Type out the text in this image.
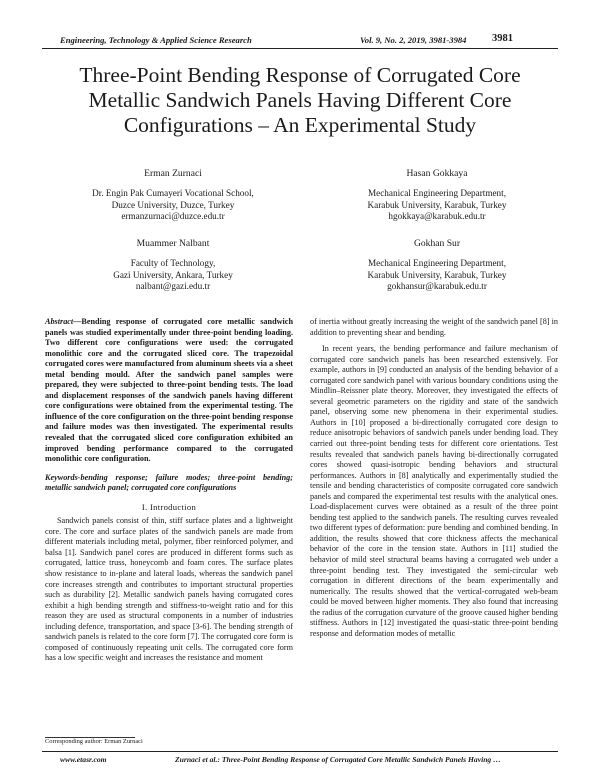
Engineering, Technology & Applied Science Research	Vol. 9, No. 2, 2019, 3981-3984 3981
Three-Point Bending Response of Corrugated Core Metallic Sandwich Panels Having Different Core Configurations – An Experimental Study
Erman Zurnaci
Dr. Engin Pak Cumayeri Vocational School,
Duzce University, Duzce, Turkey
ermanzurnaci@duzce.edu.tr
Hasan Gokkaya
Mechanical Engineering Department,
Karabuk University, Karabuk, Turkey
hgokkaya@karabuk.edu.tr
Muammer Nalbant
Faculty of Technology,
Gazi University, Ankara, Turkey
nalbant@gazi.edu.tr
Gokhan Sur
Mechanical Engineering Department,
Karabuk University, Karabuk, Turkey
gokhansur@karabuk.edu.tr

Abstract—Bending response of corrugated core metallic sandwich panels was studied experimentally under three-point bending loading. Two different core configurations were used: the corrugated monolithic core and the corrugated sliced core. The trapezoidal corrugated cores were manufactured from aluminum sheets via a sheet metal bending mould. After the sandwich panel samples were prepared, they were subjected to three-point bending tests. The load and displacement responses of the sandwich panels having different core configurations were obtained from the experimental testing. The influence of the core configuration on the three-point bending response and failure modes was then investigated. The experimental results revealed that the corrugated sliced core configuration exhibited an improved bending performance compared to the corrugated monolithic core configuration.

Keywords-bending response; failure modes; three-point bending; metallic sandwich panel; corrugated core configurations

I. Introduction

Sandwich panels consist of thin, stiff surface plates and a lightweight core. The core and surface plates of the sandwich panels are made from different materials including metal, polymer, fiber reinforced polymer, and balsa [1]. Sandwich panel cores are produced in different forms such as corrugated, lattice truss, honeycomb and foam cores. The surface plates show resistance to in-plane and lateral loads, whereas the sandwich panel core increases strength and contributes to important structural properties such as durability [2]. Metallic sandwich panels having corrugated cores exhibit a high bending strength and stiffness-to-weight ratio and for this reason they are used as structural components in a number of industries including defence, transportation, and space [3-6]. The bending strength of sandwich panels is related to the core form [7]. The corrugated core form is composed of continuously repeating unit cells. The corrugated core form has a low specific weight and increases the resistance and moment

Corresponding author: Erman Zurnaci

of inertia without greatly increasing the weight of the sandwich panel [8] in addition to preventing shear and bending.

In recent years, the bending performance and failure mechanism of corrugated core sandwich panels has been researched extensively. For example, authors in [9] conducted an analysis of the bending behavior of a corrugated core sandwich panel with various boundary conditions using the Mindlin–Reissner plate theory. Moreover, they investigated the effects of several geometric parameters on the rigidity and state of the sandwich panel, observing some new phenomena in their experimental studies. Authors in [10] proposed a bi-directionally corrugated core design to reduce anisotropic behaviors of sandwich panels under bending load. They carried out three-point bending tests for different core orientations. Test results revealed that sandwich panels having bi-directionally corrugated cores showed quasi-isotropic bending behaviors and structural performances. Authors in [8] analytically and experimentally studied the tensile and bending characteristics of composite corrugated core sandwich panels and compared the experimental test results with the analytical ones. Load-displacement curves were obtained as a result of the three point bending test applied to the sandwich panels. The resulting curves revealed two different types of deformation: pure bending and combined bending. In addition, the results showed that core thickness affects the mechanical behavior of the core in the tension state. Authors in [11] studied the behavior of mild steel structural beams having a corrugated web under a three-point bending test. They investigated the semi-circular web corrugation in different directions of the beam experimentally and numerically. The results showed that the vertical-corrugated web-beam could be moved between higher moments. They also found that increasing the radius of the corrugation curvature of the groove caused higher bending stiffness. Authors in [12] investigated the quasi-static three-point bending response and deformation modes of metallic

www.etasr.com	Zurnaci et al.: Three-Point Bending Response of Corrugated Core Metallic Sandwich Panels Having …
